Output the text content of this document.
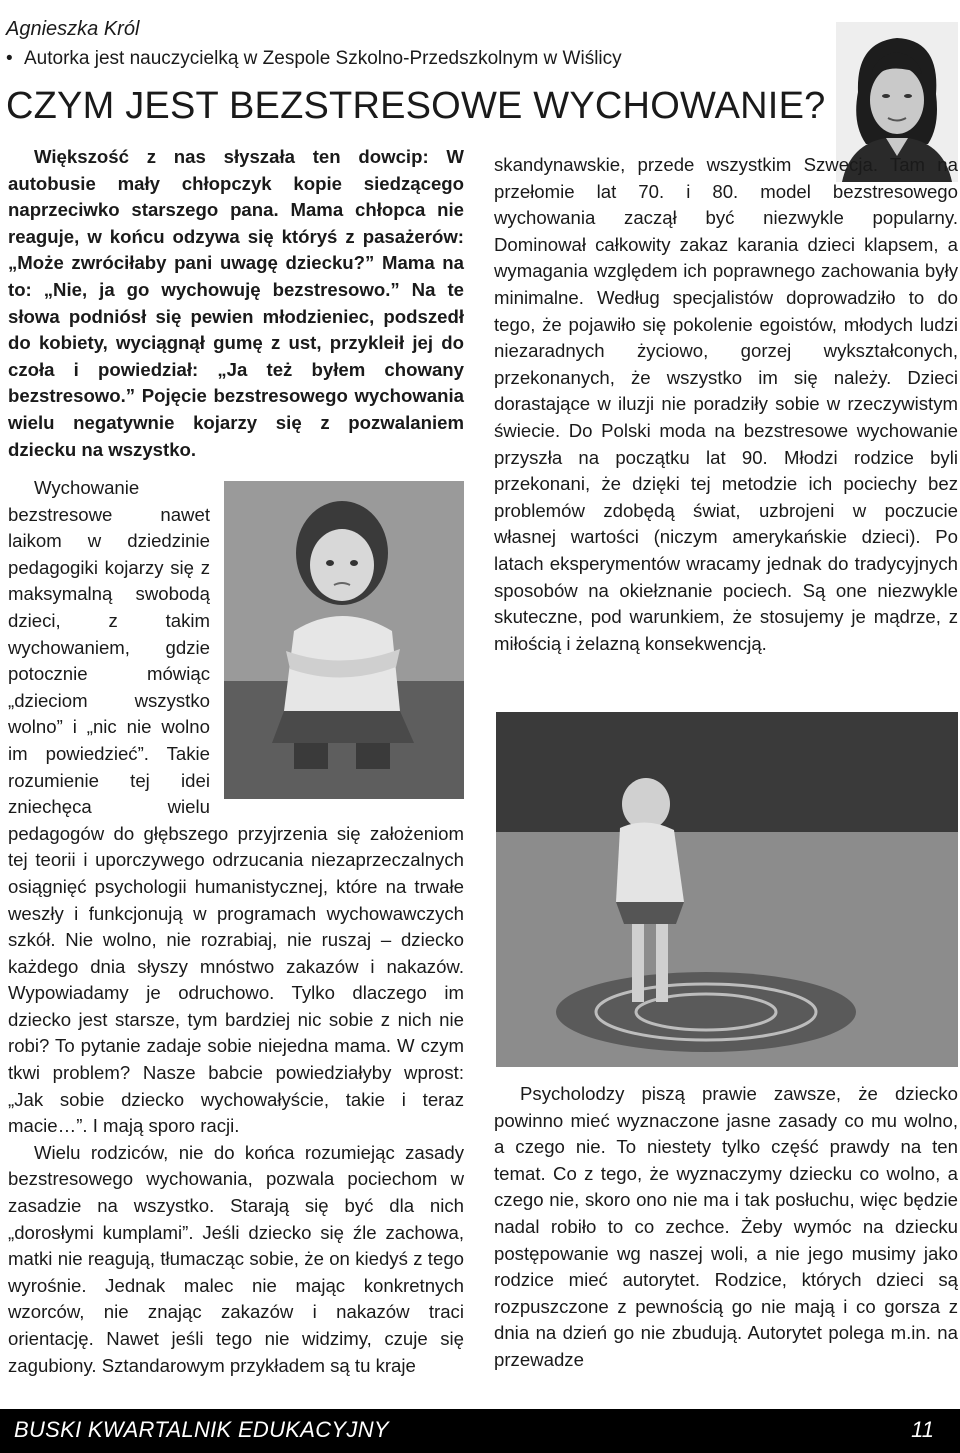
Agnieszka Król
• Autorka jest nauczycielką w Zespole Szkolno-Przedszkolnym w Wiślicy
CZYM JEST BEZSTRESOWE WYCHOWANIE?

Większość z nas słyszała ten dowcip: W autobusie mały chłopczyk kopie siedzącego naprzeciwko starszego pana. Mama chłopca nie reaguje, w końcu odzywa się któryś z pasażerów: „Może zwróciłaby pani uwagę dziecku?” Mama na to: „Nie, ja go wychowuję bezstresowo.” Na te słowa podniósł się pewien młodzieniec, podszedł do kobiety, wyciągnął gumę z ust, przykleił jej do czoła i powiedział: „Ja też byłem chowany bezstresowo.” Pojęcie bezstresowego wychowania wielu negatywnie kojarzy się z pozwalaniem dziecku na wszystko.

Wychowanie bezstresowe nawet laikom w dziedzinie pedagogiki kojarzy się z maksymalną swobodą dzieci, z takim wychowaniem, gdzie potocznie mówiąc „dzieciom wszystko wolno” i „nic nie wolno im powiedzieć”. Takie rozumienie tej idei zniechęca wielu pedagogów do głębszego przyjrzenia się założeniom tej teorii i uporczywego odrzucania niezaprzeczalnych osiągnięć psychologii humanistycznej, które na trwałe weszły i funkcjonują w programach wychowawczych szkół. Nie wolno, nie rozrabiaj, nie ruszaj – dziecko każdego dnia słyszy mnóstwo zakazów i nakazów. Wypowiadamy je odruchowo. Tylko dlaczego im dziecko jest starsze, tym bardziej nic sobie z nich nie robi? To pytanie zadaje sobie niejedna mama. W czym tkwi problem? Nasze babcie powiedziałyby wprost: „Jak sobie dziecko wychowałyście, takie i teraz macie…”. I mają sporo racji.

Wielu rodziców, nie do końca rozumiejąc zasady bezstresowego wychowania, pozwala pociechom w zasadzie na wszystko. Starają się być dla nich „dorosłymi kumplami”. Jeśli dziecko się źle zachowa, matki nie reagują, tłumacząc sobie, że on kiedyś z tego wyrośnie. Jednak malec nie mając konkretnych wzorców, nie znając zakazów i nakazów traci orientację. Nawet jeśli tego nie widzimy, czuje się zagubiony. Sztandarowym przykładem są tu kraje

skandynawskie, przede wszystkim Szwecja. Tam na przełomie lat 70. i 80. model bezstresowego wychowania zaczął być niezwykle popularny. Dominował całkowity zakaz karania dzieci klapsem, a wymagania względem ich poprawnego zachowania były minimalne. Według specjalistów doprowadziło to do tego, że pojawiło się pokolenie egoistów, młodych ludzi niezaradnych życiowo, gorzej wykształconych, przekonanych, że wszystko im się należy. Dzieci dorastające w iluzji nie poradziły sobie w rzeczywistym świecie. Do Polski moda na bezstresowe wychowanie przyszła na początku lat 90. Młodzi rodzice byli przekonani, że dzięki tej metodzie ich pociechy bez problemów zdobędą świat, uzbrojeni w poczucie własnej wartości (niczym amerykańskie dzieci). Po latach eksperymentów wracamy jednak do tradycyjnych sposobów na okiełznanie pociech. Są one niezwykle skuteczne, pod warunkiem, że stosujemy je mądrze, z miłością i żelazną konsekwencją.

Psycholodzy piszą prawie zawsze, że dziecko powinno mieć wyznaczone jasne zasady co mu wolno, a czego nie. To niestety tylko część prawdy na ten temat. Co z tego, że wyznaczymy dziecku co wolno, a czego nie, skoro ono nie ma i tak posłuchu, więc będzie nadal robiło to co zechce. Żeby wymóc na dziecku postępowanie wg naszej woli, a nie jego musimy jako rodzice mieć autorytet. Rodzice, których dzieci są rozpuszczone z pewnością go nie mają i co gorsza z dnia na dzień go nie zbudują. Autorytet polega m.in. na przewadze

BUSKI KWARTALNIK EDUKACYJNY	11
